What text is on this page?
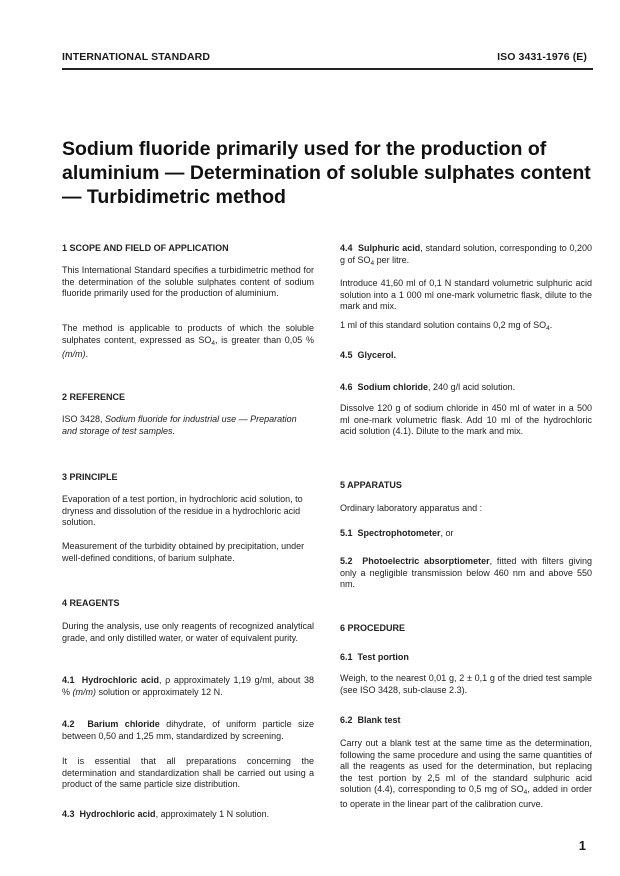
INTERNATIONAL STANDARD	ISO 3431-1976 (E)
Sodium fluoride primarily used for the production of aluminium — Determination of soluble sulphates content — Turbidimetric method
1 SCOPE AND FIELD OF APPLICATION

This International Standard specifies a turbidimetric method for the determination of the soluble sulphates content of sodium fluoride primarily used for the production of aluminium.

The method is applicable to products of which the soluble sulphates content, expressed as $SO_4$, is greater than 0,05 % (m/m).

2 REFERENCE

ISO 3428, Sodium fluoride for industrial use — Preparation and storage of test samples.

3 PRINCIPLE

Evaporation of a test portion, in hydrochloric acid solution, to dryness and dissolution of the residue in a hydrochloric acid solution.

Measurement of the turbidity obtained by precipitation, under well-defined conditions, of barium sulphate.

4 REAGENTS

During the analysis, use only reagents of recognized analytical grade, and only distilled water, or water of equivalent purity.

4.1 Hydrochloric acid, ρ approximately 1,19 g/ml, about 38 % (m/m) solution or approximately 12 N.

4.2 Barium chloride dihydrate, of uniform particle size between 0,50 and 1,25 mm, standardized by screening.

It is essential that all preparations concerning the determination and standardization shall be carried out using a product of the same particle size distribution.

4.3 Hydrochloric acid, approximately 1 N solution.

4.4 Sulphuric acid, standard solution, corresponding to 0,200 g of $SO_4$ per litre.

Introduce 41,60 ml of 0,1 N standard volumetric sulphuric acid solution into a 1 000 ml one-mark volumetric flask, dilute to the mark and mix.

1 ml of this standard solution contains 0,2 mg of $SO_4$.

4.5 Glycerol.

4.6 Sodium chloride, 240 g/l acid solution.

Dissolve 120 g of sodium chloride in 450 ml of water in a 500 ml one-mark volumetric flask. Add 10 ml of the hydrochloric acid solution (4.1). Dilute to the mark and mix.

5 APPARATUS

Ordinary laboratory apparatus and :

5.1 Spectrophotometer, or

5.2 Photoelectric absorptiometer, fitted with filters giving only a negligible transmission below 460 nm and above 550 nm.

6 PROCEDURE

6.1 Test portion

Weigh, to the nearest 0,01 g, 2 ± 0,1 g of the dried test sample (see ISO 3428, sub-clause 2.3).

6.2 Blank test

Carry out a blank test at the same time as the determination, following the same procedure and using the same quantities of all the reagents as used for the determination, but replacing the test portion by 2,5 ml of the standard sulphuric acid solution (4.4), corresponding to 0,5 mg of $SO_4$, added in order to operate in the linear part of the calibration curve.

1
